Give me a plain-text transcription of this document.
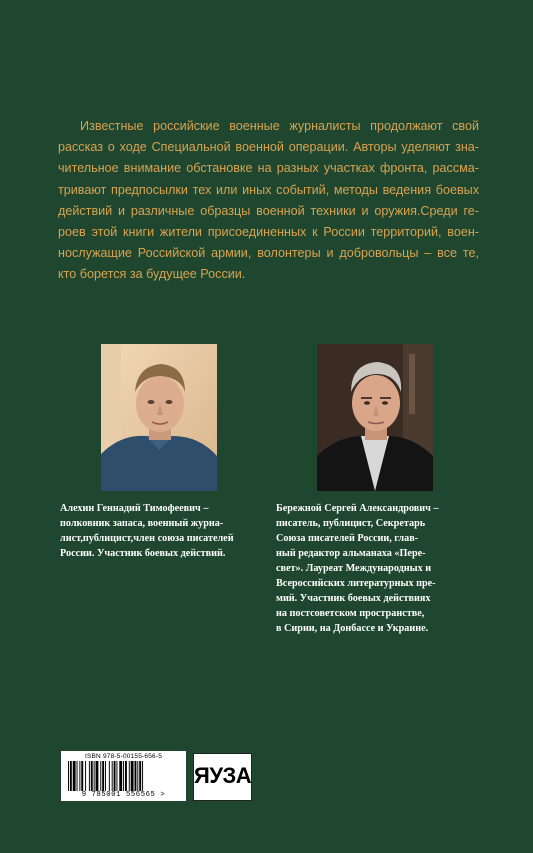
Известные российские военные журналисты продолжают свой
рассказ о ходе Специальной военной операции. Авторы уделяют зна-
чительное внимание обстановке на разных участках фронта, рассма-
тривают предпосылки тех или иных событий, методы ведения боевых
действий и различные образцы военной техники и оружия.Среди ге-
роев этой книги жители присоединенных к России территорий, воен-
нослужащие Российской армии, волонтеры и добровольцы – все те,
кто борется за будущее России.
Алехин Геннадий Тимофеевич –
полковник запаса, военный журна-
лист,публицист,член союза писателей
России. Участник боевых действий.
Бережной Сергей Александрович –
писатель, публицист, Секретарь
Союза писателей России, глав-
ный редактор альманаха «Пере-
свет». Лауреат Международных и
Всероссийских литературных пре-
мий. Участник боевых действиях
на постсоветском пространстве,
в Сирии, на Донбассе и Украине.
ISBN 978-5-00155-656-5
9 785001 556565 >
ЯУЗА
